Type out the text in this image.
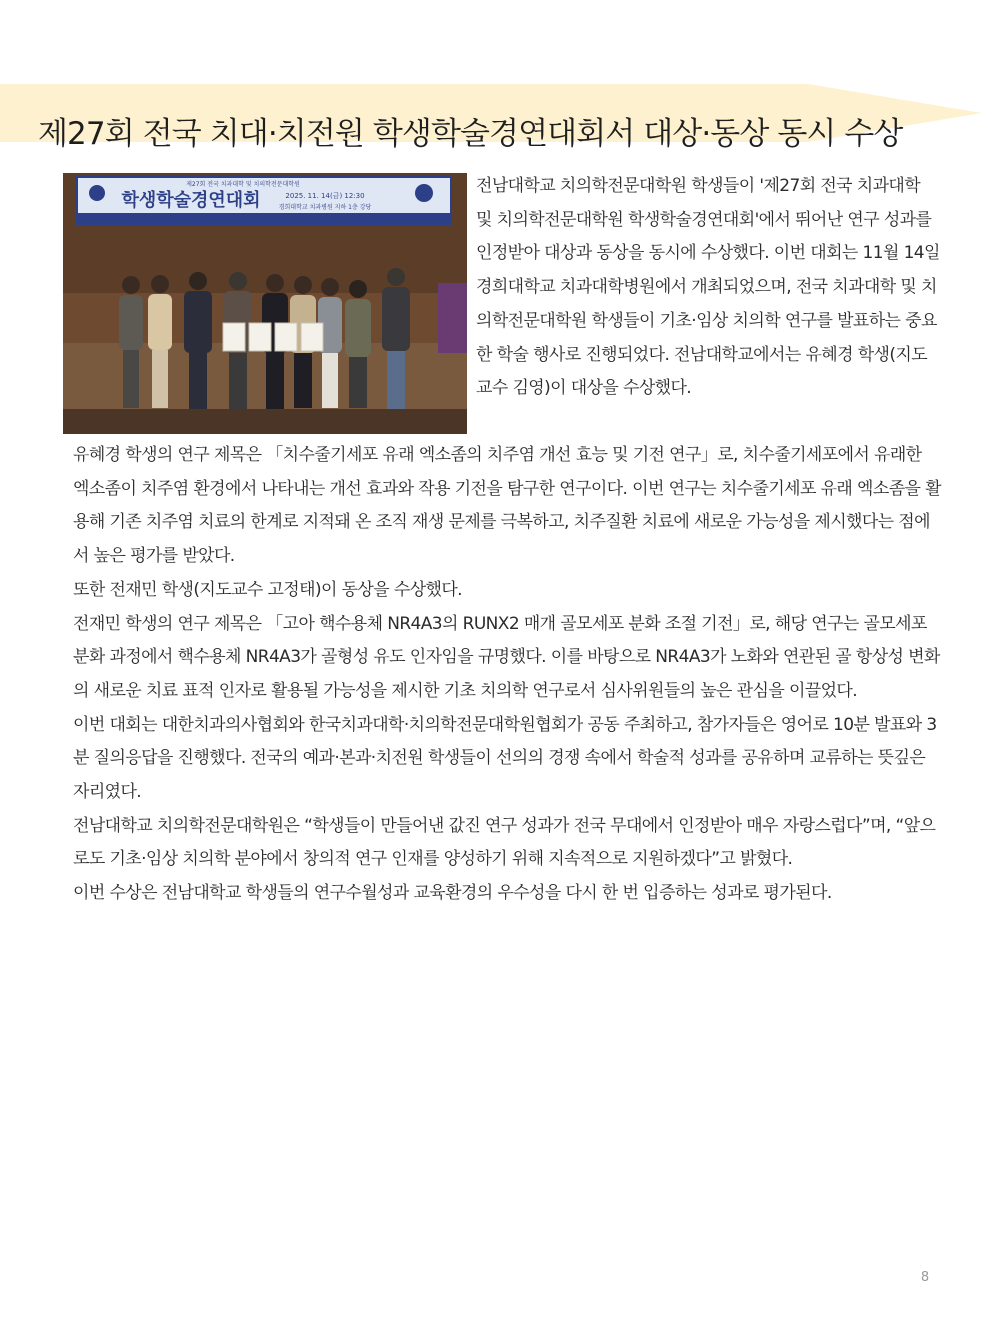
제27회 전국 치대·치전원 학생학술경연대회서 대상·동상 동시 수상
제27회 전국 치과대학 및 치의학전문대학원
학생학술경연대회	2025. 11. 14(금) 12:30
경희대학교 치과병원 지하 1층 강당

전남대학교 치의학전문대학원 학생들이 '제27회 전국 치과대학 및 치의학전문대학원 학생학술경연대회'에서 뛰어난 연구 성과를 인정받아 대상과 동상을 동시에 수상했다. 이번 대회는 11월 14일 경희대학교 치과대학병원에서 개최되었으며, 전국 치과대학 및 치의학전문대학원 학생들이 기초·임상 치의학 연구를 발표하는 중요한 학술 행사로 진행되었다. 전남대학교에서는 유혜경 학생(지도교수 김영)이 대상을 수상했다.

유혜경 학생의 연구 제목은 「치수줄기세포 유래 엑소좀의 치주염 개선 효능 및 기전 연구」로, 치수줄기세포에서 유래한 엑소좀이 치주염 환경에서 나타내는 개선 효과와 작용 기전을 탐구한 연구이다. 이번 연구는 치수줄기세포 유래 엑소좀을 활용해 기존 치주염 치료의 한계로 지적돼 온 조직 재생 문제를 극복하고, 치주질환 치료에 새로운 가능성을 제시했다는 점에서 높은 평가를 받았다.

또한 전재민 학생(지도교수 고정태)이 동상을 수상했다.

전재민 학생의 연구 제목은 「고아 핵수용체 NR4A3의 RUNX2 매개 골모세포 분화 조절 기전」로, 해당 연구는 골모세포 분화 과정에서 핵수용체 NR4A3가 골형성 유도 인자임을 규명했다. 이를 바탕으로 NR4A3가 노화와 연관된 골 항상성 변화의 새로운 치료 표적 인자로 활용될 가능성을 제시한 기초 치의학 연구로서 심사위원들의 높은 관심을 이끌었다.

이번 대회는 대한치과의사협회와 한국치과대학·치의학전문대학원협회가 공동 주최하고, 참가자들은 영어로 10분 발표와 3분 질의응답을 진행했다. 전국의 예과·본과·치전원 학생들이 선의의 경쟁 속에서 학술적 성과를 공유하며 교류하는 뜻깊은 자리였다.

전남대학교 치의학전문대학원은 “학생들이 만들어낸 값진 연구 성과가 전국 무대에서 인정받아 매우 자랑스럽다”며, “앞으로도 기초·임상 치의학 분야에서 창의적 연구 인재를 양성하기 위해 지속적으로 지원하겠다”고 밝혔다.

이번 수상은 전남대학교 학생들의 연구수월성과 교육환경의 우수성을 다시 한 번 입증하는 성과로 평가된다.

8
